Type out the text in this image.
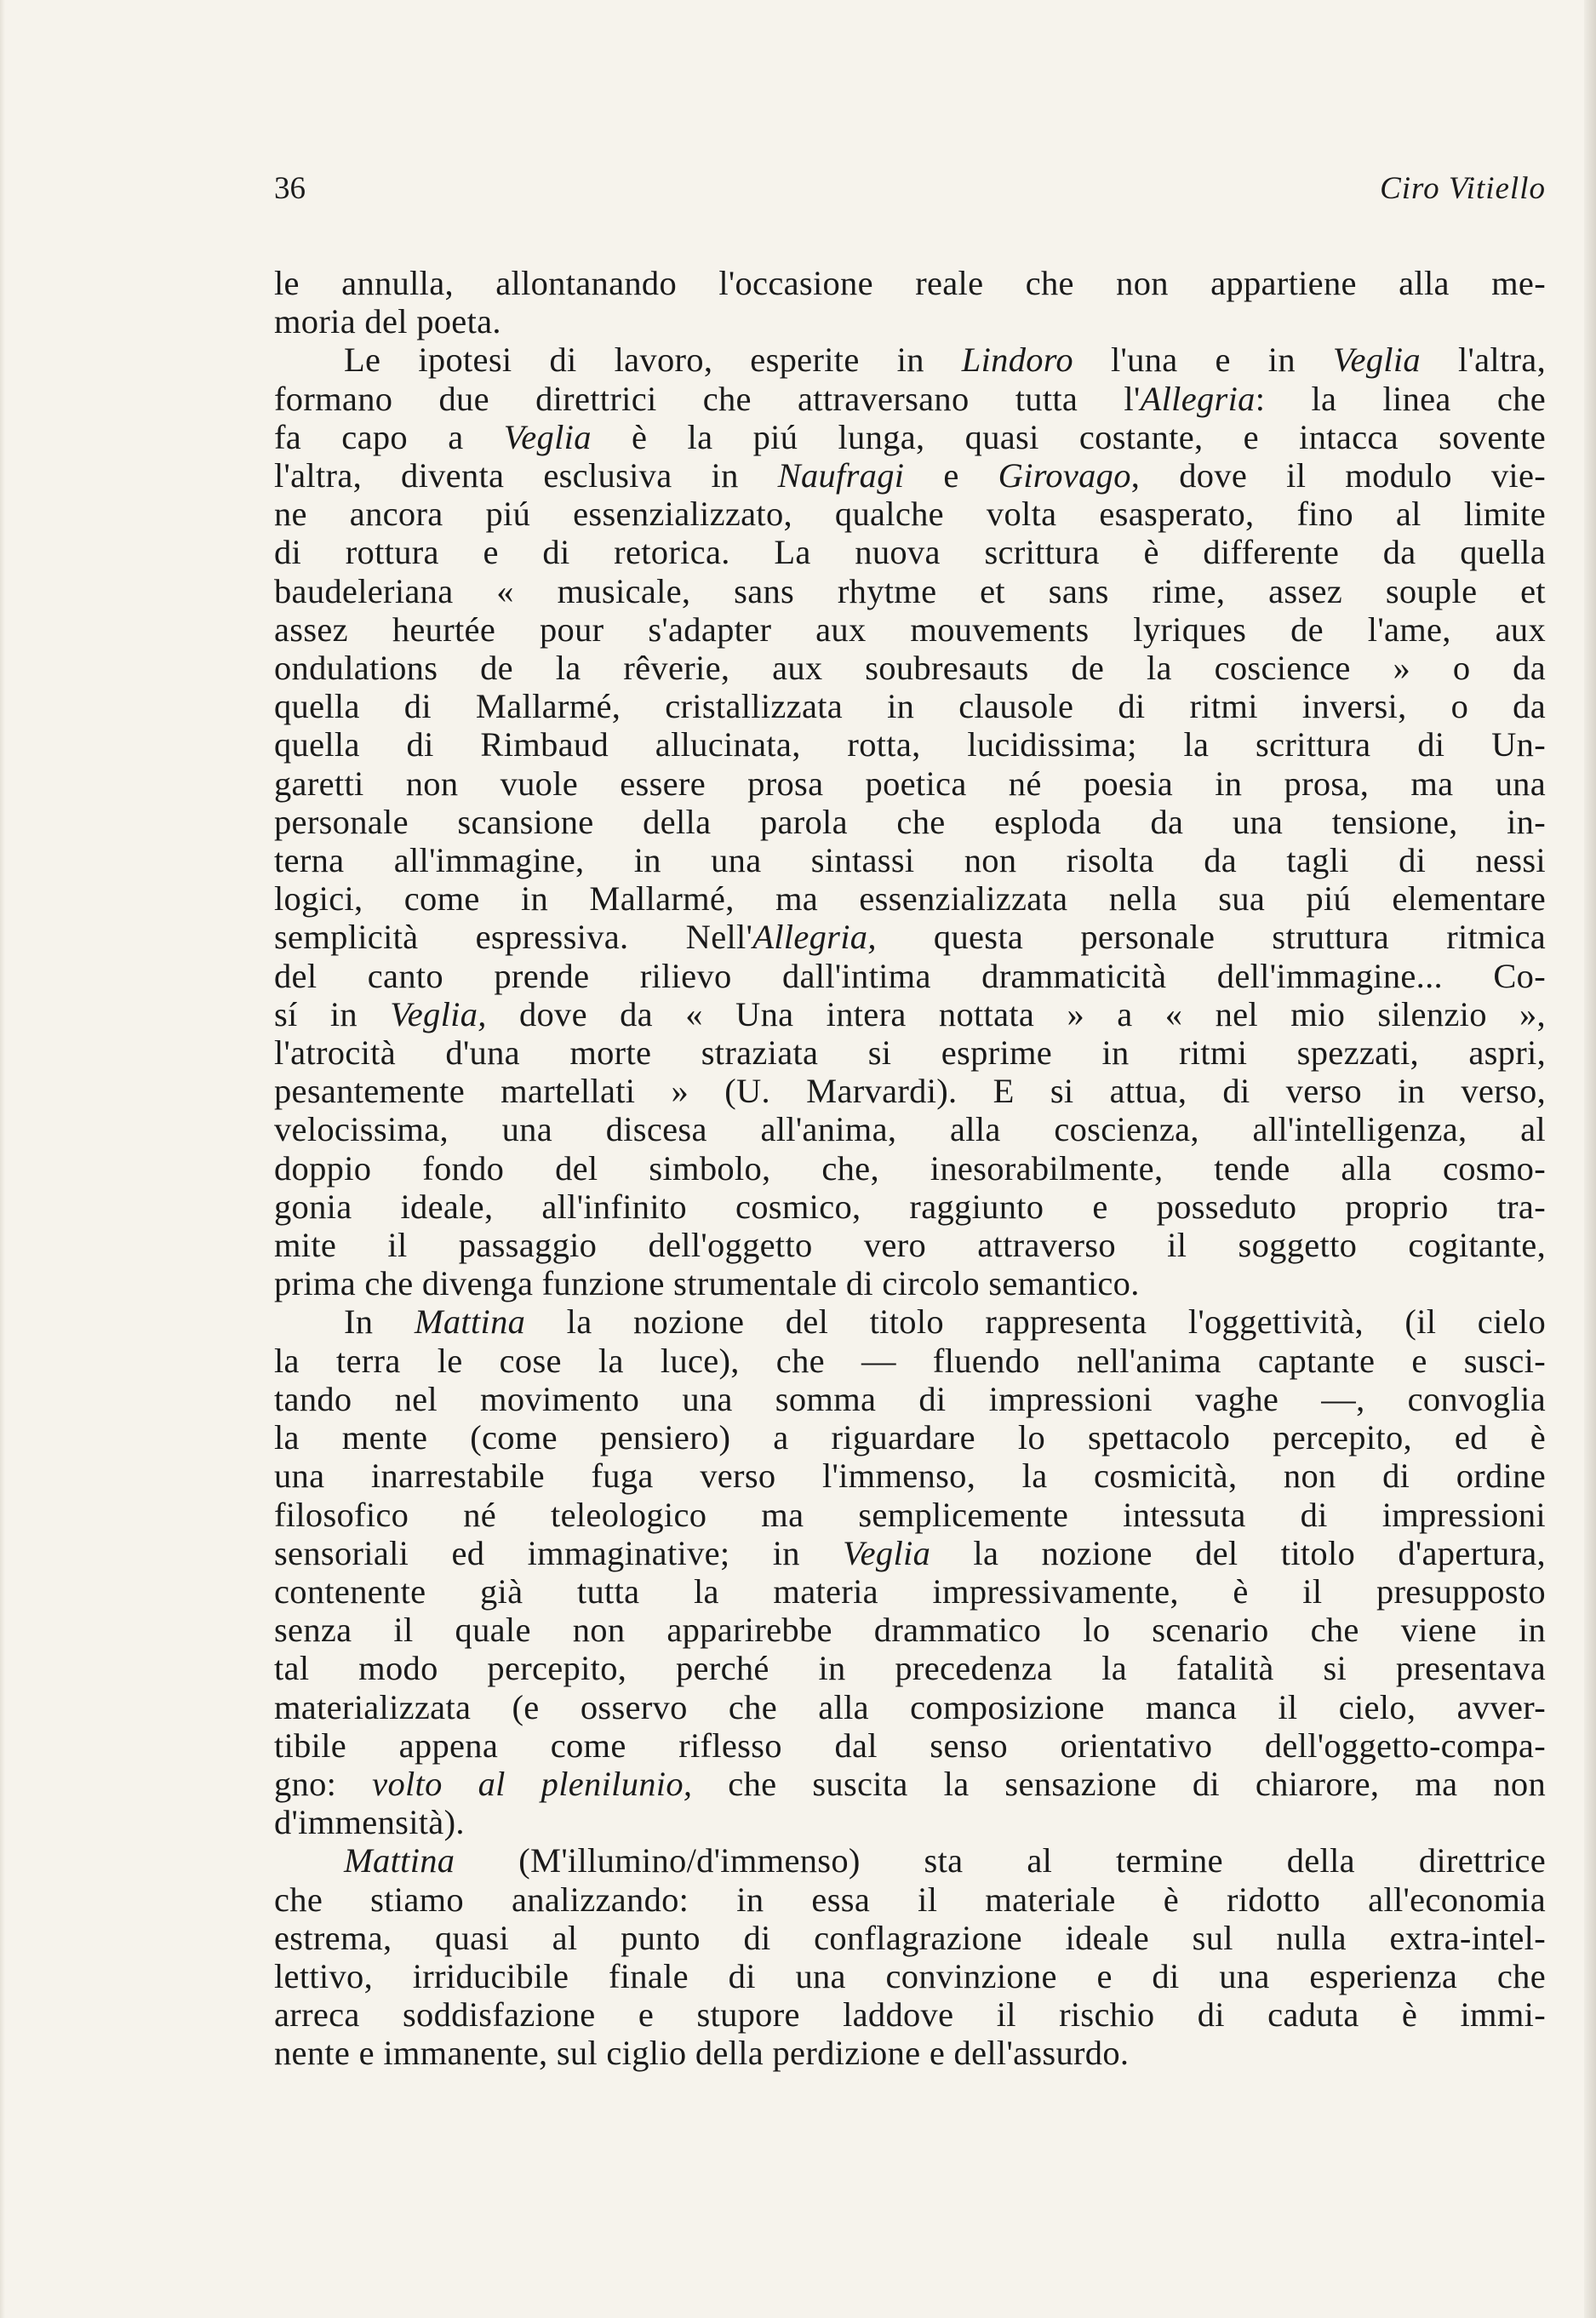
36	Ciro Vitiello
le annulla, allontanando l'occasione reale che non appartiene alla me-
moria del poeta.
Le ipotesi di lavoro, esperite in Lindoro l'una e in Veglia l'altra,
formano due direttrici che attraversano tutta l'Allegria: la linea che
fa capo a Veglia è la piú lunga, quasi costante, e intacca sovente
l'altra, diventa esclusiva in Naufragi e Girovago, dove il modulo vie-
ne ancora piú essenzializzato, qualche volta esasperato, fino al limite
di rottura e di retorica. La nuova scrittura è differente da quella
baudeleriana « musicale, sans rhytme et sans rime, assez souple et
assez heurtée pour s'adapter aux mouvements lyriques de l'ame, aux
ondulations de la rêverie, aux soubresauts de la coscience » o da
quella di Mallarmé, cristallizzata in clausole di ritmi inversi, o da
quella di Rimbaud allucinata, rotta, lucidissima; la scrittura di Un-
garetti non vuole essere prosa poetica né poesia in prosa, ma una
personale scansione della parola che esploda da una tensione, in-
terna all'immagine, in una sintassi non risolta da tagli di nessi
logici, come in Mallarmé, ma essenzializzata nella sua piú elementare
semplicità espressiva. Nell'Allegria, questa personale struttura ritmica
del canto prende rilievo dall'intima drammaticità dell'immagine... Co-
sí in Veglia, dove da « Una intera nottata » a « nel mio silenzio »,
l'atrocità d'una morte straziata si esprime in ritmi spezzati, aspri,
pesantemente martellati » (U. Marvardi). E si attua, di verso in verso,
velocissima, una discesa all'anima, alla coscienza, all'intelligenza, al
doppio fondo del simbolo, che, inesorabilmente, tende alla cosmo-
gonia ideale, all'infinito cosmico, raggiunto e posseduto proprio tra-
mite il passaggio dell'oggetto vero attraverso il soggetto cogitante,
prima che divenga funzione strumentale di circolo semantico.
In Mattina la nozione del titolo rappresenta l'oggettività, (il cielo
la terra le cose la luce), che — fluendo nell'anima captante e susci-
tando nel movimento una somma di impressioni vaghe —, convoglia
la mente (come pensiero) a riguardare lo spettacolo percepito, ed è
una inarrestabile fuga verso l'immenso, la cosmicità, non di ordine
filosofico né teleologico ma semplicemente intessuta di impressioni
sensoriali ed immaginative; in Veglia la nozione del titolo d'apertura,
contenente già tutta la materia impressivamente, è il presupposto
senza il quale non apparirebbe drammatico lo scenario che viene in
tal modo percepito, perché in precedenza la fatalità si presentava
materializzata (e osservo che alla composizione manca il cielo, avver-
tibile appena come riflesso dal senso orientativo dell'oggetto-compa-
gno: volto al plenilunio, che suscita la sensazione di chiarore, ma non
d'immensità).
Mattina (M'illumino/d'immenso) sta al termine della direttrice
che stiamo analizzando: in essa il materiale è ridotto all'economia
estrema, quasi al punto di conflagrazione ideale sul nulla extra-intel-
lettivo, irriducibile finale di una convinzione e di una esperienza che
arreca soddisfazione e stupore laddove il rischio di caduta è immi-
nente e immanente, sul ciglio della perdizione e dell'assurdo.
